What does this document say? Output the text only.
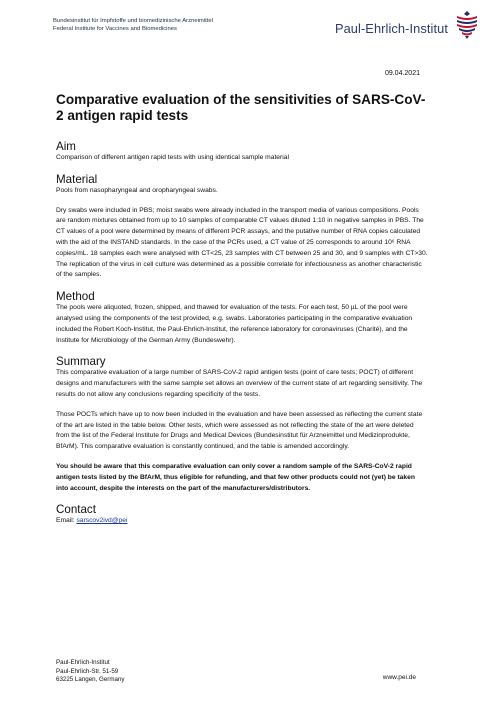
Bundesinstitut für Impfstoffe und biomedizinische Arzneimittel
Federal Institute for Vaccines and Biomedicines	Paul-Ehrlich-Institut
09.04.2021
Comparative evaluation of the sensitivities of SARS-CoV-2 antigen rapid tests
Aim

Comparison of different antigen rapid tests with using identical sample material

Material

Pools from nasopharyngeal and oropharyngeal swabs.

Dry swabs were included in PBS; moist swabs were already included in the transport media of various compositions. Pools are random mixtures obtained from up to 10 samples of comparable CT values diluted 1:10 in negative samples in PBS. The CT values of a pool were determined by means of different PCR assays, and the putative number of RNA copies calculated with the aid of the INSTAND standards. In the case of the PCRs used, a CT value of 25 corresponds to around 10⁶ RNA copies/mL. 18 samples each were analysed with CT<25, 23 samples with CT between 25 and 30, and 9 samples with CT>30. The replication of the virus in cell culture was determined as a possible correlate for infectiousness as another characteristic of the samples.

Method

The pools were aliquoted, frozen, shipped, and thawed for evaluation of the tests. For each test, 50 µL of the pool were analysed using the components of the test provided, e.g. swabs. Laboratories participating in the comparative evaluation included the Robert Koch-Institut, the Paul-Ehrlich-Institut, the reference laboratory for coronaviruses (Charité), and the Institute for Microbiology of the German Army (Bundeswehr).

Summary

This comparative evaluation of a large number of SARS-CoV-2 rapid antigen tests (point of care tests; POCT) of different designs and manufacturers with the same sample set allows an overview of the current state of art regarding sensitivity. The results do not allow any conclusions regarding specificity of the tests.

Those POCTs which have up to now been included in the evaluation and have been assessed as reflecting the current state of the art are listed in the table below. Other tests, which were assessed as not reflecting the state of the art were deleted from the list of the Federal Institute for Drugs and Medical Devices (Bundesinstitut für Arzneimittel und Medizinprodukte, BfArM). This comparative evaluation is constantly continued, and the table is amended accordingly.

You should be aware that this comparative evaluation can only cover a random sample of the SARS-CoV-2 rapid antigen tests listed by the BfArM, thus eligible for refunding, and that few other products could not (yet) be taken into account, despite the interests on the part of the manufacturers/distributors.

Contact

Email: sarscov2ivd@pei

Paul-Ehrlich-Institut
Paul-Ehrlich-Str. 51-59
63225 Langen, Germany	www.pei.de
